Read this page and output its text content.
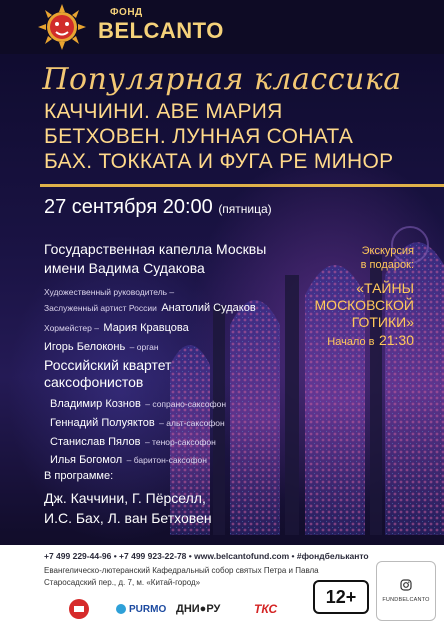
ФОНД
BELCANTO
Популярная классика
КАЧЧИНИ. АВЕ МАРИЯ
БЕТХОВЕН. ЛУННАЯ СОНАТА
БАХ. ТОККАТА И ФУГА РЕ МИНОР
27 сентября 20:00 (пятница)
Государственная капелла Москвы
имени Вадима Судакова
Художественный руководитель –
Заслуженный артист России Анатолий Судаков
Хормейстер – Мария Кравцова
Игорь Белоконь – орган
Российский квартет
саксофонистов
Владимир Кознов – сопрано-саксофон
Геннадий Полуяктов – альт-саксофон
Станислав Пялов – тенор-саксофон
Илья Богомол – баритон-саксофон
В программе:
Дж. Каччини, Г. Пёрселл,
И.С. Бах, Л. ван Бетховен
Экскурсия
в подарок:
«ТАЙНЫ
МОСКОВСКОЙ
ГОТИКИ»
Начало в 21:30
+7 499 229-44-96 • +7 499 923-22-78 • www.belcantofund.com • #фондбельканто
Евангелическо-лютеранский Кафедральный собор святых Петра и Павла
Старосадский пер., д. 7, м. «Китай-город»
PURMO ДНИ●РУ	ТКС
12+	FUNDBELCANTO
